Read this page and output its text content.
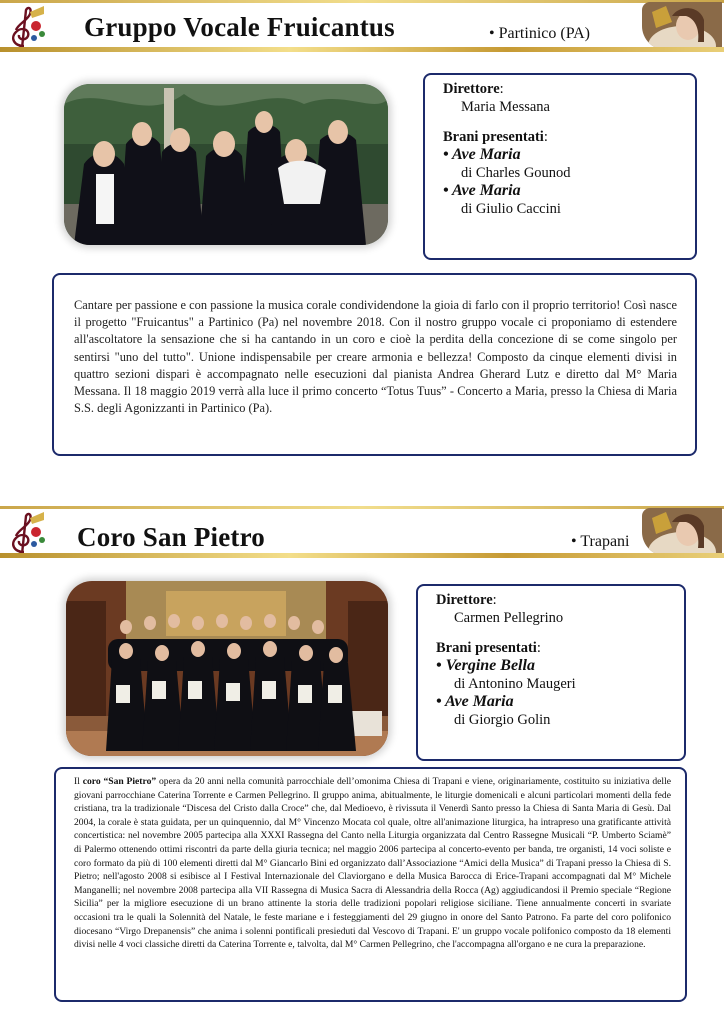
Gruppo Vocale Fruicantus	• Partinico (PA)
Direttore:
Maria Messana
Brani presentati:
• Ave Maria
di Charles Gounod
• Ave Maria
di Giulio Caccini
Cantare per passione e con passione la musica corale condividendone la gioia di farlo con il proprio territorio! Così nasce il progetto "Fruicantus" a Partinico (Pa) nel novembre 2018. Con il nostro gruppo vocale ci proponiamo di estendere all'ascoltatore la sensazione che si ha cantando in un coro e cioè la perdita della concezione di se come singolo per sentirsi "uno del tutto". Unione indispensabile per creare armonia e bellezza! Composto da cinque elementi divisi in quattro sezioni dispari è accompagnato nelle esecuzioni dal pianista Andrea Gherard Lutz e diretto dal M° Maria Messana. Il 18 maggio 2019 verrà alla luce il primo concerto “Totus Tuus” - Concerto a Maria, presso la Chiesa di Maria S.S. degli Agonizzanti in Partinico (Pa).
Coro San Pietro	• Trapani
Direttore:
Carmen Pellegrino
Brani presentati:
• Vergine Bella
di Antonino Maugeri
• Ave Maria
di Giorgio Golin
Il coro “San Pietro” opera da 20 anni nella comunità parrocchiale dell’omonima Chiesa di Trapani e viene, originariamente, costituito su iniziativa delle giovani parrocchiane Caterina Torrente e Carmen Pellegrino. Il gruppo anima, abitualmente, le liturgie domenicali e alcuni particolari momenti della fede cristiana, tra la tradizionale “Discesa del Cristo dalla Croce” che, dal Medioevo, è rivissuta il Venerdì Santo presso la Chiesa di Santa Maria di Gesù. Dal 2004, la corale è stata guidata, per un quinquennio, dal M° Vincenzo Mocata col quale, oltre all'animazione liturgica, ha intrapreso una gratificante attività concertistica: nel novembre 2005 partecipa alla XXXI Rassegna del Canto nella Liturgia organizzata dal Centro Rassegne Musicali “P. Umberto Sciamè” di Palermo ottenendo ottimi riscontri da parte della giuria tecnica; nel maggio 2006 partecipa al concerto-evento per banda, tre organisti, 14 voci soliste e coro formato da più di 100 elementi diretti dal M° Giancarlo Bini ed organizzato dall’Associazione “Amici della Musica” di Trapani presso la Chiesa di S. Pietro; nell'agosto 2008 si esibisce al I Festival Internazionale del Claviorgano e della Musica Barocca di Erice-Trapani accompagnati dal M° Michele Manganelli; nel novembre 2008 partecipa alla VII Rassegna di Musica Sacra di Alessandria della Rocca (Ag) aggiudicandosi il Premio speciale “Regione Sicilia” per la migliore esecuzione di un brano attinente la storia delle tradizioni popolari religiose siciliane. Tiene annualmente concerti in svariate occasioni tra le quali la Solennità del Natale, le feste mariane e i festeggiamenti del 29 giugno in onore del Santo Patrono. Fa parte del coro polifonico diocesano “Virgo Drepanensis” che anima i solenni pontificali presieduti dal Vescovo di Trapani. E' un gruppo vocale polifonico composto da 18 elementi divisi nelle 4 voci classiche diretti da Caterina Torrente e, talvolta, dal M° Carmen Pellegrino, che l'accompagna all'organo e ne cura la preparazione.
